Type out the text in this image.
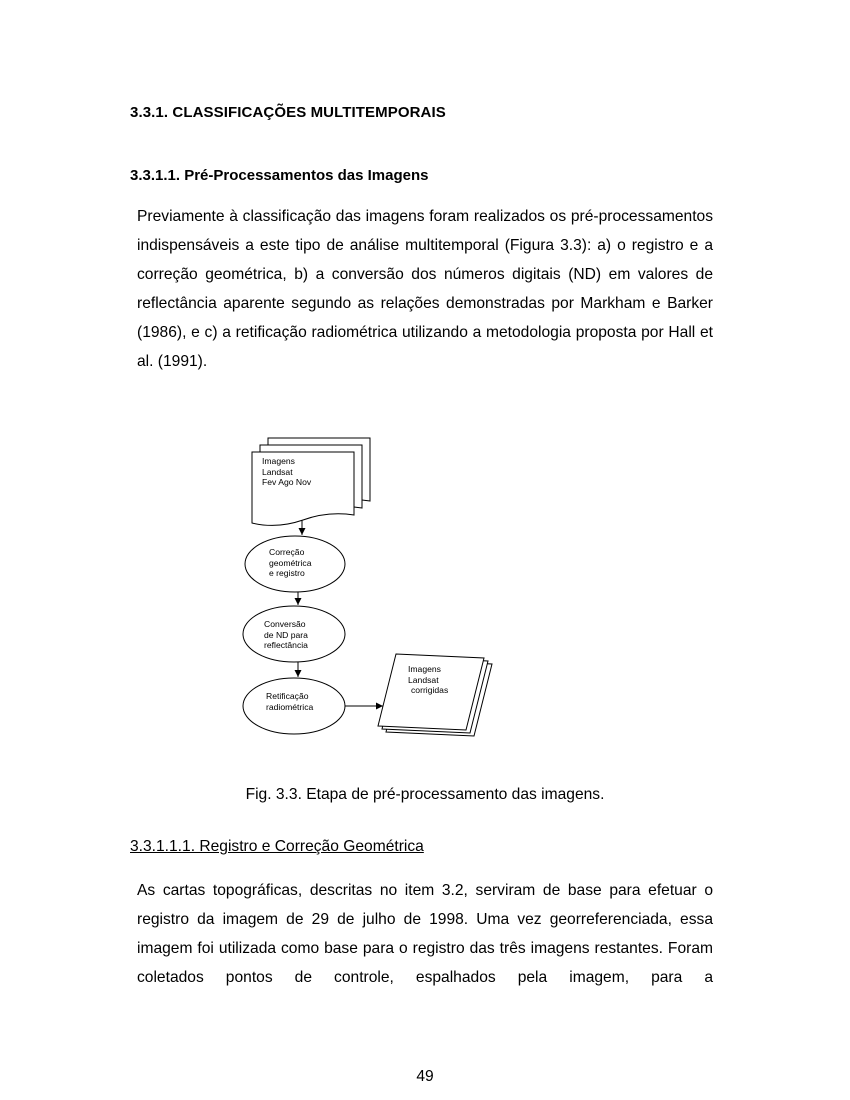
3.3.1. CLASSIFICAÇÕES MULTITEMPORAIS
3.3.1.1. Pré-Processamentos das Imagens
Previamente à classificação das imagens foram realizados os pré-processamentos indispensáveis a este tipo de análise multitemporal (Figura 3.3): a) o registro e a correção geométrica, b) a conversão dos números digitais (ND) em valores de reflectância aparente segundo as relações demonstradas por Markham e Barker (1986), e c) a retificação radiométrica utilizando a metodologia proposta por Hall et al. (1991).
Imagens
Landsat
Fev Ago Nov
Correção
geométrica
e registro
Conversão
de ND para
reflectância
Retificação
radiométrica
Imagens
Landsat
corrigidas
Fig. 3.3. Etapa de pré-processamento das imagens.
3.3.1.1.1. Registro e Correção Geométrica
As cartas topográficas, descritas no item 3.2, serviram de base para efetuar o registro da imagem de 29 de julho de 1998. Uma vez georreferenciada, essa imagem foi utilizada como base para o registro das três imagens restantes. Foram coletados pontos de controle, espalhados pela imagem, para a
49
